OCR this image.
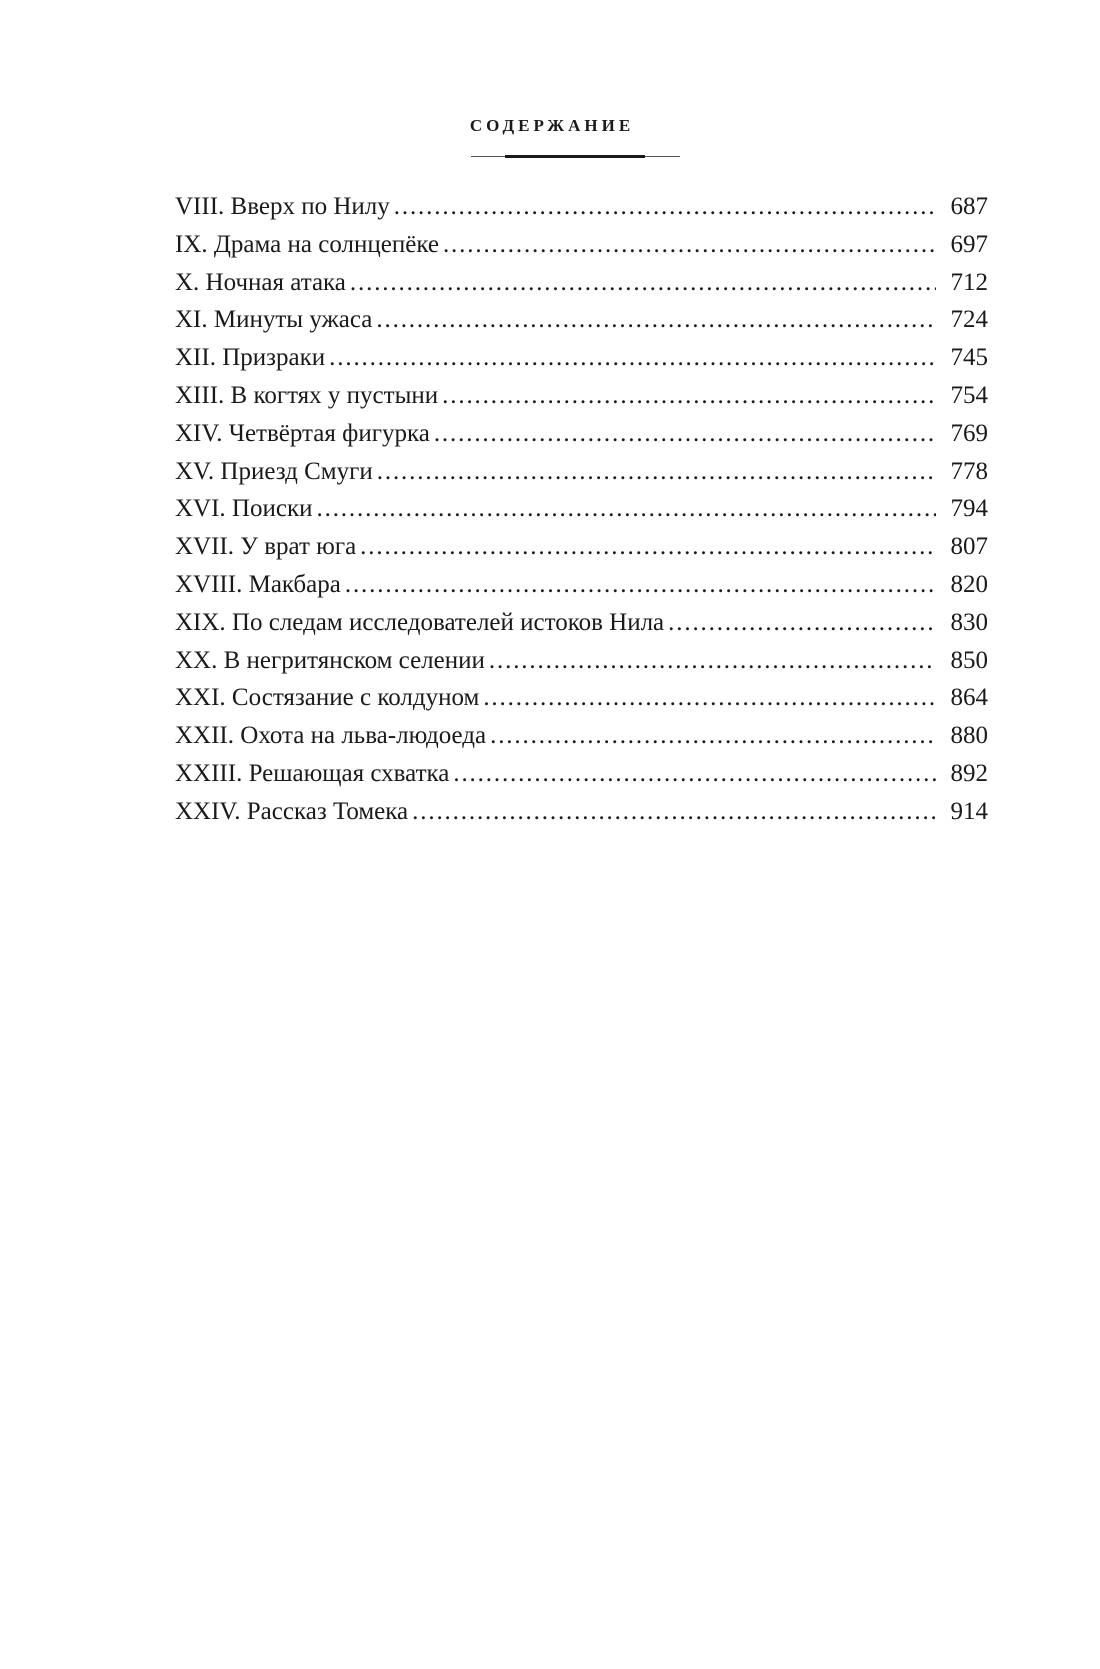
СОДЕРЖАНИЕ
VIII. Вверх по Нилу . . .	687
IX. Драма на солнцепёке . . .	697
X. Ночная атака . . .	712
XI. Минуты ужаса . . .	724
XII. Призраки . . .	745
XIII. В когтях у пустыни . . .	754
XIV. Четвёртая фигурка . . .	769
XV. Приезд Смуги . . .	778
XVI. Поиски . . .	794
XVII. У врат юга . . .	807
XVIII. Макбара . . .	820
XIX. По следам исследователей истоков Нила . . .	830
XX. В негритянском селении . . .	850
XXI. Состязание с колдуном . . .	864
XXII. Охота на льва-людоеда . . .	880
XXIII. Решающая схватка . . .	892
XXIV. Рассказ Томека . . .	914
